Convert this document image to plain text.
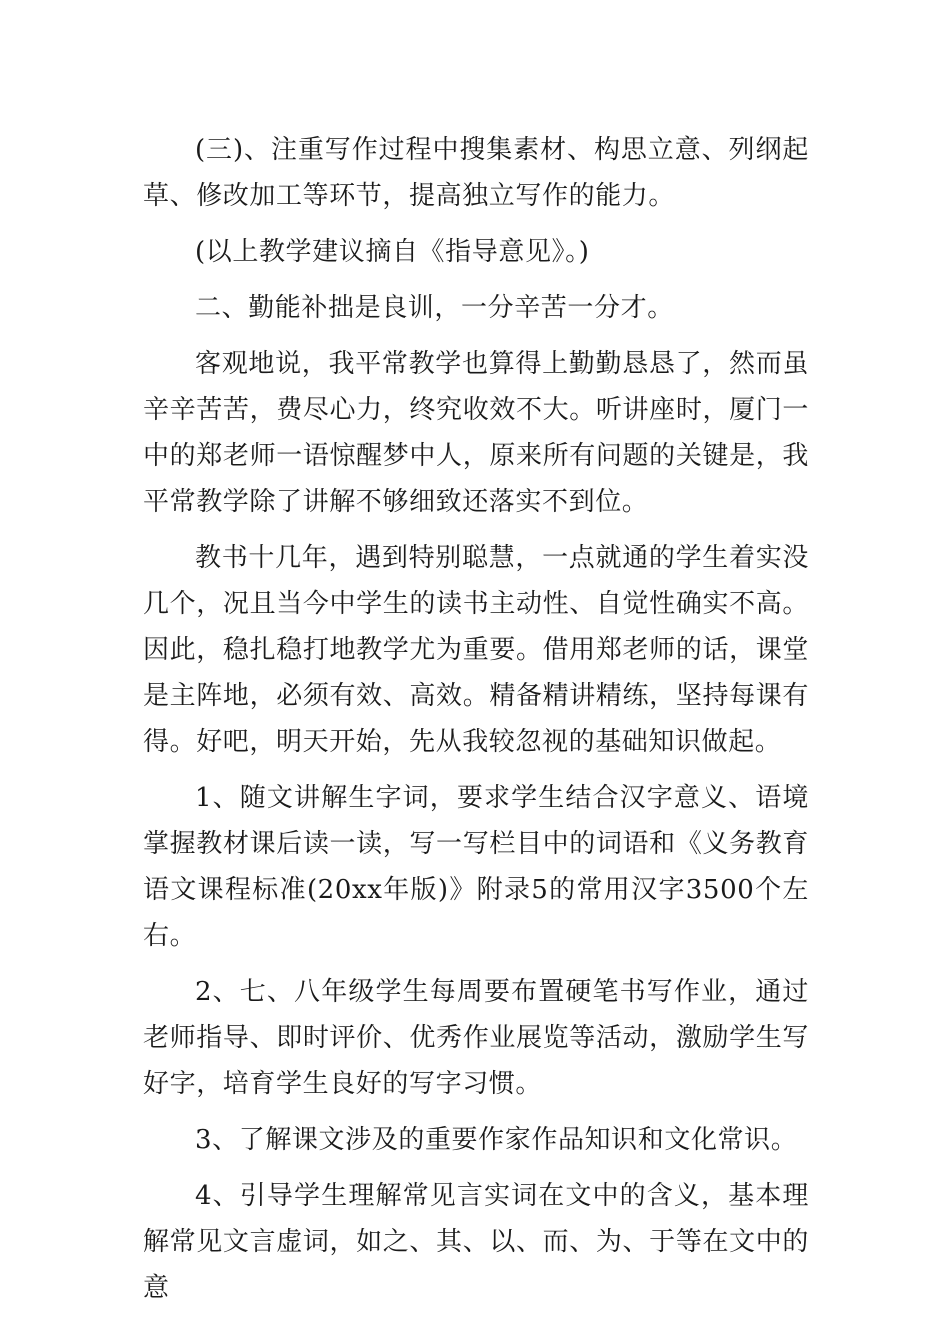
(三)、注重写作过程中搜集素材、构思立意、列纲起草、修改加工等环节，提高独立写作的能力。

(以上教学建议摘自《指导意见》。)

二、勤能补拙是良训，一分辛苦一分才。

客观地说，我平常教学也算得上勤勤恳恳了，然而虽辛辛苦苦，费尽心力，终究收效不大。听讲座时，厦门一中的郑老师一语惊醒梦中人，原来所有问题的关键是，我平常教学除了讲解不够细致还落实不到位。

教书十几年，遇到特别聪慧，一点就通的学生着实没几个，况且当今中学生的读书主动性、自觉性确实不高。因此，稳扎稳打地教学尤为重要。借用郑老师的话，课堂是主阵地，必须有效、高效。精备精讲精练，坚持每课有得。好吧，明天开始，先从我较忽视的基础知识做起。

1、随文讲解生字词，要求学生结合汉字意义、语境掌握教材课后读一读，写一写栏目中的词语和《义务教育语文课程标准(20xx年版)》附录5的常用汉字3500个左右。

2、七、八年级学生每周要布置硬笔书写作业，通过老师指导、即时评价、优秀作业展览等活动，激励学生写好字，培育学生良好的写字习惯。

3、了解课文涉及的重要作家作品知识和文化常识。

4、引导学生理解常见言实词在文中的含义，基本理解常见文言虚词，如之、其、以、而、为、于等在文中的意
